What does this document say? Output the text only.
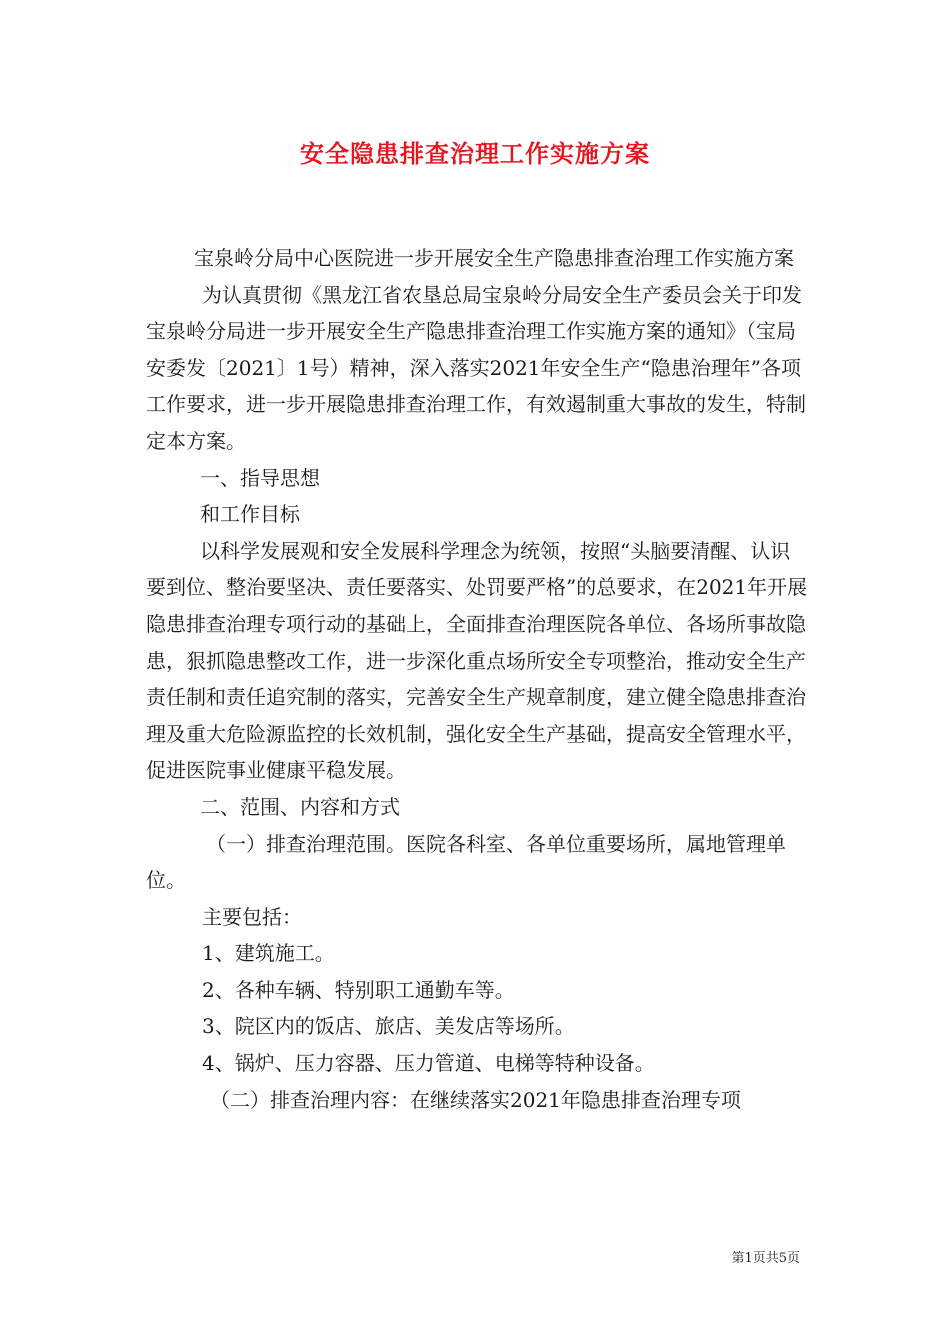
安全隐患排查治理工作实施方案

宝泉岭分局中心医院进一步开展安全生产隐患排查治理工作实施方案

为认真贯彻《黑龙江省农垦总局宝泉岭分局安全生产委员会关于印发宝泉岭分局进一步开展安全生产隐患排查治理工作实施方案的通知》（宝局安委发〔2021〕1号）精神，深入落实2021年安全生产“隐患治理年”各项工作要求，进一步开展隐患排查治理工作，有效遏制重大事故的发生，特制定本方案。

一、指导思想

和工作目标

以科学发展观和安全发展科学理念为统领，按照“头脑要清醒、认识要到位、整治要坚决、责任要落实、处罚要严格”的总要求，在2021年开展隐患排查治理专项行动的基础上，全面排查治理医院各单位、各场所事故隐患，狠抓隐患整改工作，进一步深化重点场所安全专项整治，推动安全生产责任制和责任追究制的落实，完善安全生产规章制度，建立健全隐患排查治理及重大危险源监控的长效机制，强化安全生产基础，提高安全管理水平，促进医院事业健康平稳发展。

二、范围、内容和方式

（一）排查治理范围。医院各科室、各单位重要场所，属地管理单位。

主要包括：

1、建筑施工。

2、各种车辆、特别职工通勤车等。

3、院区内的饭店、旅店、美发店等场所。

4、锅炉、压力容器、压力管道、电梯等特种设备。

（二）排查治理内容：在继续落实2021年隐患排查治理专项

第1页共5页
